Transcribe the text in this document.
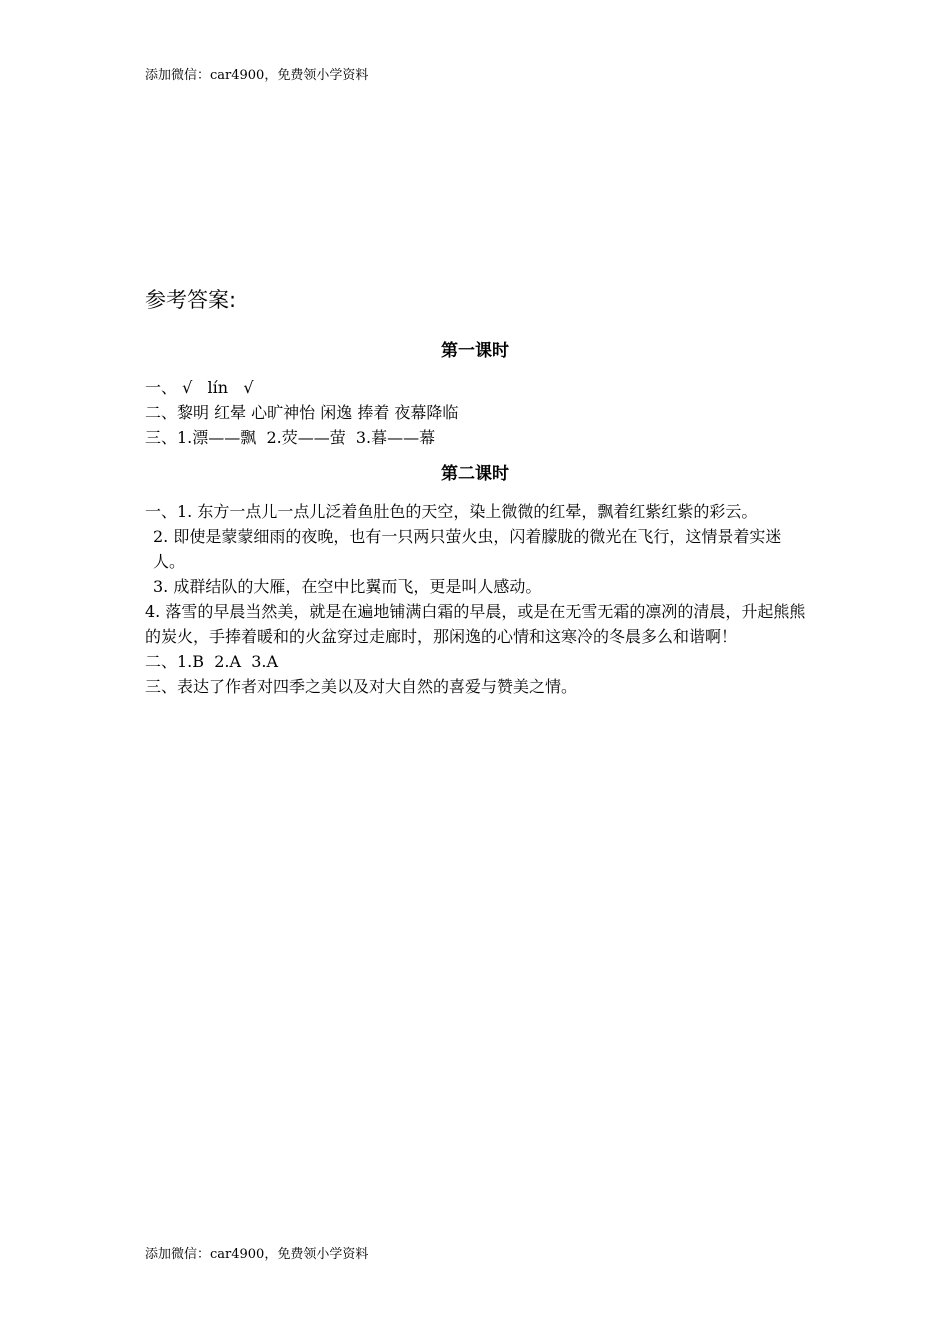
添加微信：car4900，免费领小学资料
参考答案:
第一课时
一、 √   lín   √
二、黎明 红晕 心旷神怡 闲逸 捧着 夜幕降临
三、1.漂——飘  2.荧——萤  3.暮——幕
第二课时
一、1. 东方一点儿一点儿泛着鱼肚色的天空，染上微微的红晕，飘着红紫红紫的彩云。
2. 即使是蒙蒙细雨的夜晚，也有一只两只萤火虫，闪着朦胧的微光在飞行，这情景着实迷人。
3. 成群结队的大雁，在空中比翼而飞，更是叫人感动。
4. 落雪的早晨当然美，就是在遍地铺满白霜的早晨，或是在无雪无霜的凛冽的清晨，升起熊熊的炭火，手捧着暖和的火盆穿过走廊时，那闲逸的心情和这寒冷的冬晨多么和谐啊！
二、1.B  2.A  3.A
三、表达了作者对四季之美以及对大自然的喜爱与赞美之情。
添加微信：car4900，免费领小学资料
